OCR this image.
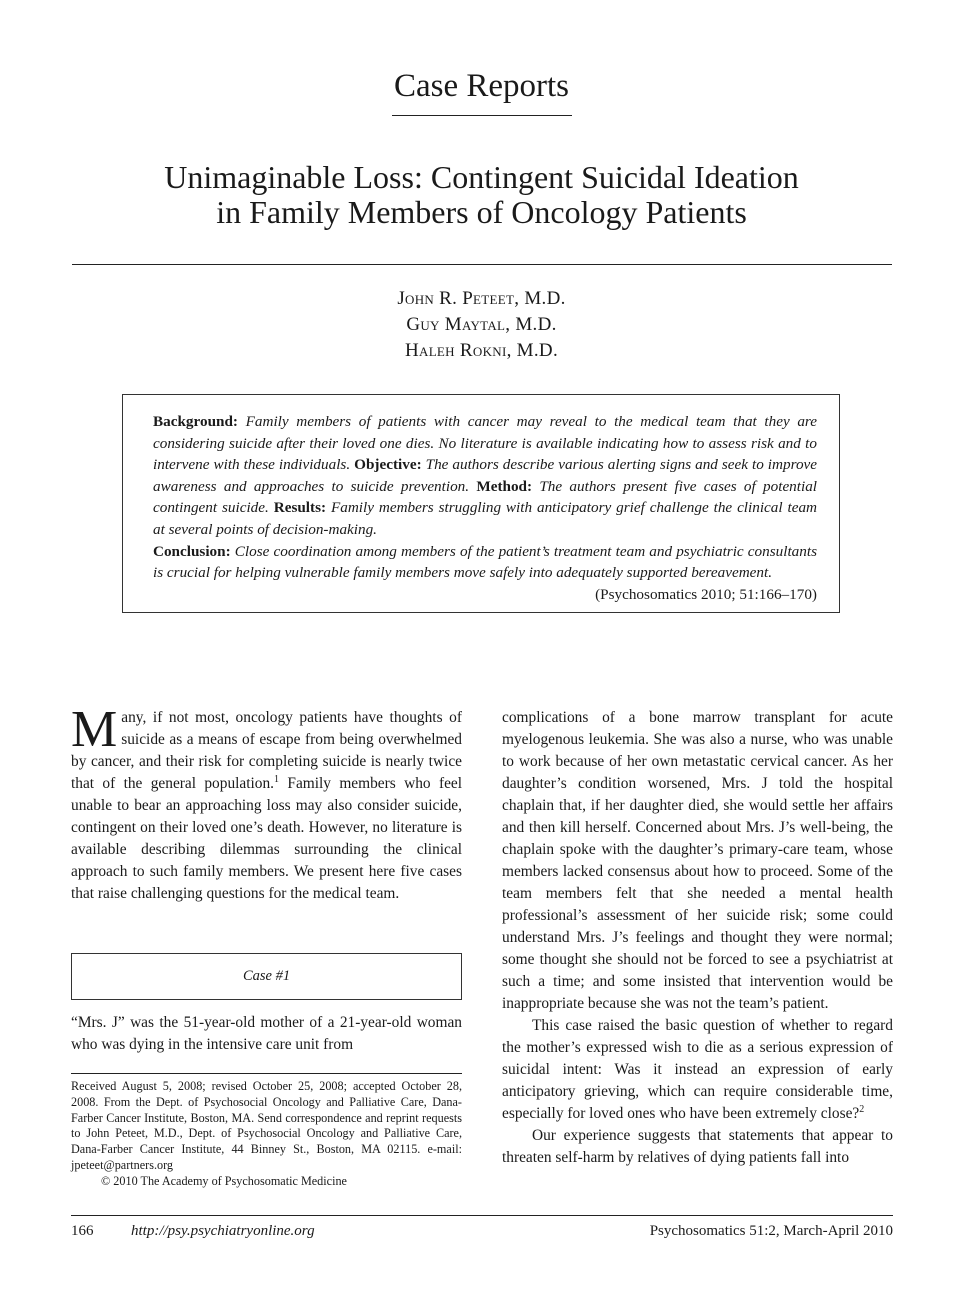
Case Reports
Unimaginable Loss: Contingent Suicidal Ideation
in Family Members of Oncology Patients
John R. Peteet, M.D.
Guy Maytal, M.D.
Haleh Rokni, M.D.
Background: Family members of patients with cancer may reveal to the medical team that they are considering suicide after their loved one dies. No literature is available indicating how to assess risk and to intervene with these individuals. Objective: The authors describe various alerting signs and seek to improve awareness and approaches to suicide prevention. Method: The authors present five cases of potential contingent suicide. Results: Family members struggling with anticipatory grief challenge the clinical team at several points of decision-making.
Conclusion: Close coordination among members of the patient’s treatment team and psychiatric consultants is crucial for helping vulnerable family members move safely into adequately supported bereavement.
(Psychosomatics 2010; 51:166–170)

Many, if not most, oncology patients have thoughts of suicide as a means of escape from being overwhelmed by cancer, and their risk for completing suicide is nearly twice that of the general population.$^1$ Family members who feel unable to bear an approaching loss may also consider suicide, contingent on their loved one’s death. However, no literature is available describing dilemmas surrounding the clinical approach to such family members. We present here five cases that raise challenging questions for the medical team.

Case #1

“Mrs. J” was the 51-year-old mother of a 21-year-old woman who was dying in the intensive care unit from

Received August 5, 2008; revised October 25, 2008; accepted October 28, 2008. From the Dept. of Psychosocial Oncology and Palliative Care, Dana-Farber Cancer Institute, Boston, MA. Send correspondence and reprint requests to John Peteet, M.D., Dept. of Psychosocial Oncology and Palliative Care, Dana-Farber Cancer Institute, 44 Binney St., Boston, MA 02115. e-mail: jpeteet@partners.org

© 2010 The Academy of Psychosomatic Medicine

complications of a bone marrow transplant for acute myelogenous leukemia. She was also a nurse, who was unable to work because of her own metastatic cervical cancer. As her daughter’s condition worsened, Mrs. J told the hospital chaplain that, if her daughter died, she would settle her affairs and then kill herself. Concerned about Mrs. J’s well-being, the chaplain spoke with the daughter’s primary-care team, whose members lacked consensus about how to proceed. Some of the team members felt that she needed a mental health professional’s assessment of her suicide risk; some could understand Mrs. J’s feelings and thought they were normal; some thought she should not be forced to see a psychiatrist at such a time; and some insisted that intervention would be inappropriate because she was not the team’s patient.

This case raised the basic question of whether to regard the mother’s expressed wish to die as a serious expression of suicidal intent: Was it instead an expression of early anticipatory grieving, which can require considerable time, especially for loved ones who have been extremely close?$^2$

Our experience suggests that statements that appear to threaten self-harm by relatives of dying patients fall into

166	http://psy.psychiatryonline.org	Psychosomatics 51:2, March-April 2010
